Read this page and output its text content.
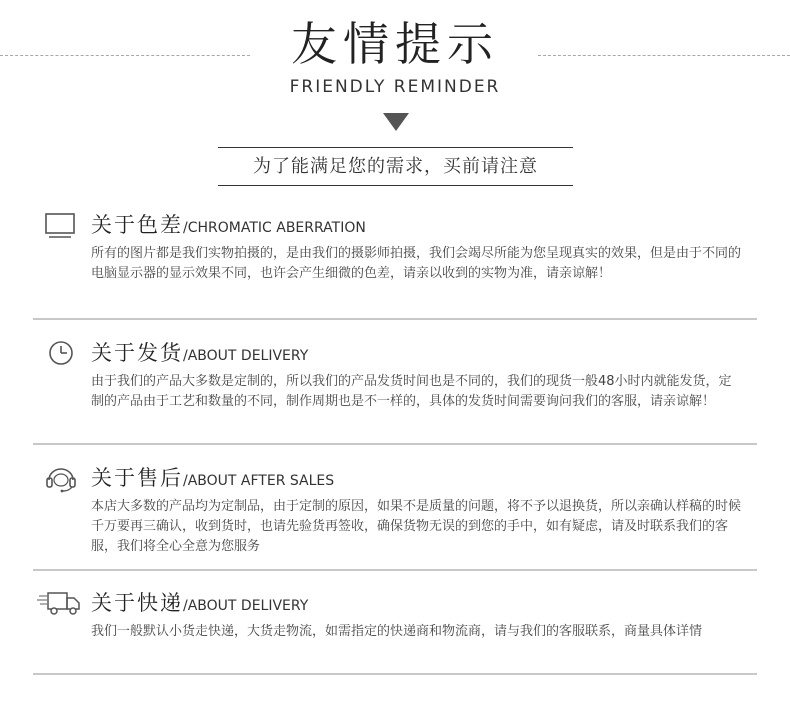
友情提示
FRIENDLY REMINDER
为了能满足您的需求，买前请注意
关于色差/CHROMATIC ABERRATION
所有的图片都是我们实物拍摄的，是由我们的摄影师拍摄，我们会竭尽所能为您呈现真实的效果，但是由于不同的电脑显示器的显示效果不同，也许会产生细微的色差，请亲以收到的实物为准，请亲谅解！
关于发货/ABOUT DELIVERY
由于我们的产品大多数是定制的，所以我们的产品发货时间也是不同的，我们的现货一般48小时内就能发货，定制的产品由于工艺和数量的不同，制作周期也是不一样的，具体的发货时间需要询问我们的客服，请亲谅解！
关于售后/ABOUT AFTER SALES
本店大多数的产品均为定制品，由于定制的原因，如果不是质量的问题，将不予以退换货，所以亲确认样稿的时候千万要再三确认，收到货时，也请先验货再签收，确保货物无误的到您的手中，如有疑虑，请及时联系我们的客服，我们将全心全意为您服务
关于快递/ABOUT DELIVERY
我们一般默认小货走快递，大货走物流，如需指定的快递商和物流商，请与我们的客服联系，商量具体详情
